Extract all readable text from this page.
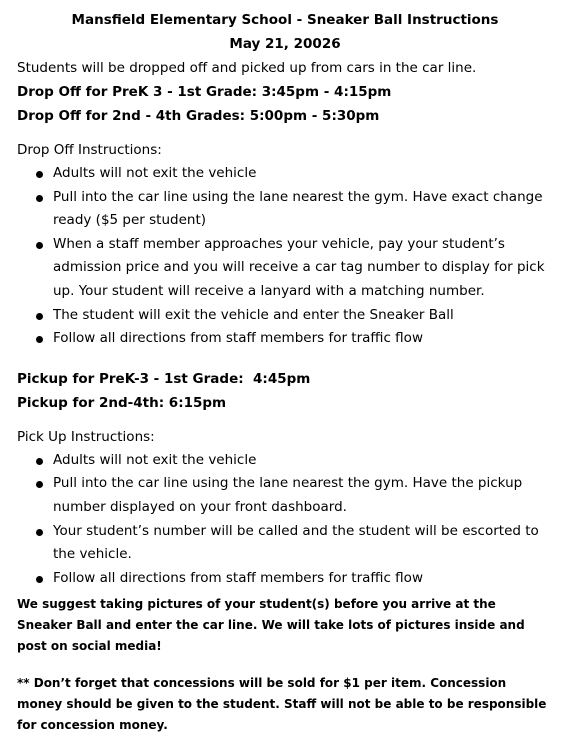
Mansfield Elementary School - Sneaker Ball Instructions

May 21, 20026

Students will be dropped off and picked up from cars in the car line.

Drop Off for PreK 3 - 1st Grade: 3:45pm - 4:15pm

Drop Off for 2nd - 4th Grades: 5:00pm - 5:30pm

Drop Off Instructions:

Adults will not exit the vehicle
Pull into the car line using the lane nearest the gym. Have exact change ready ($5 per student)
When a staff member approaches your vehicle, pay your student’s admission price and you will receive a car tag number to display for pick up. Your student will receive a lanyard with a matching number.
The student will exit the vehicle and enter the Sneaker Ball
Follow all directions from staff members for traffic flow

Pickup for PreK-3 - 1st Grade:  4:45pm

Pickup for 2nd-4th: 6:15pm

Pick Up Instructions:

Adults will not exit the vehicle
Pull into the car line using the lane nearest the gym. Have the pickup number displayed on your front dashboard.
Your student’s number will be called and the student will be escorted to the vehicle.
Follow all directions from staff members for traffic flow

We suggest taking pictures of your student(s) before you arrive at the Sneaker Ball and enter the car line. We will take lots of pictures inside and post on social media!

** Don’t forget that concessions will be sold for $1 per item. Concession money should be given to the student. Staff will not be able to be responsible for concession money.
